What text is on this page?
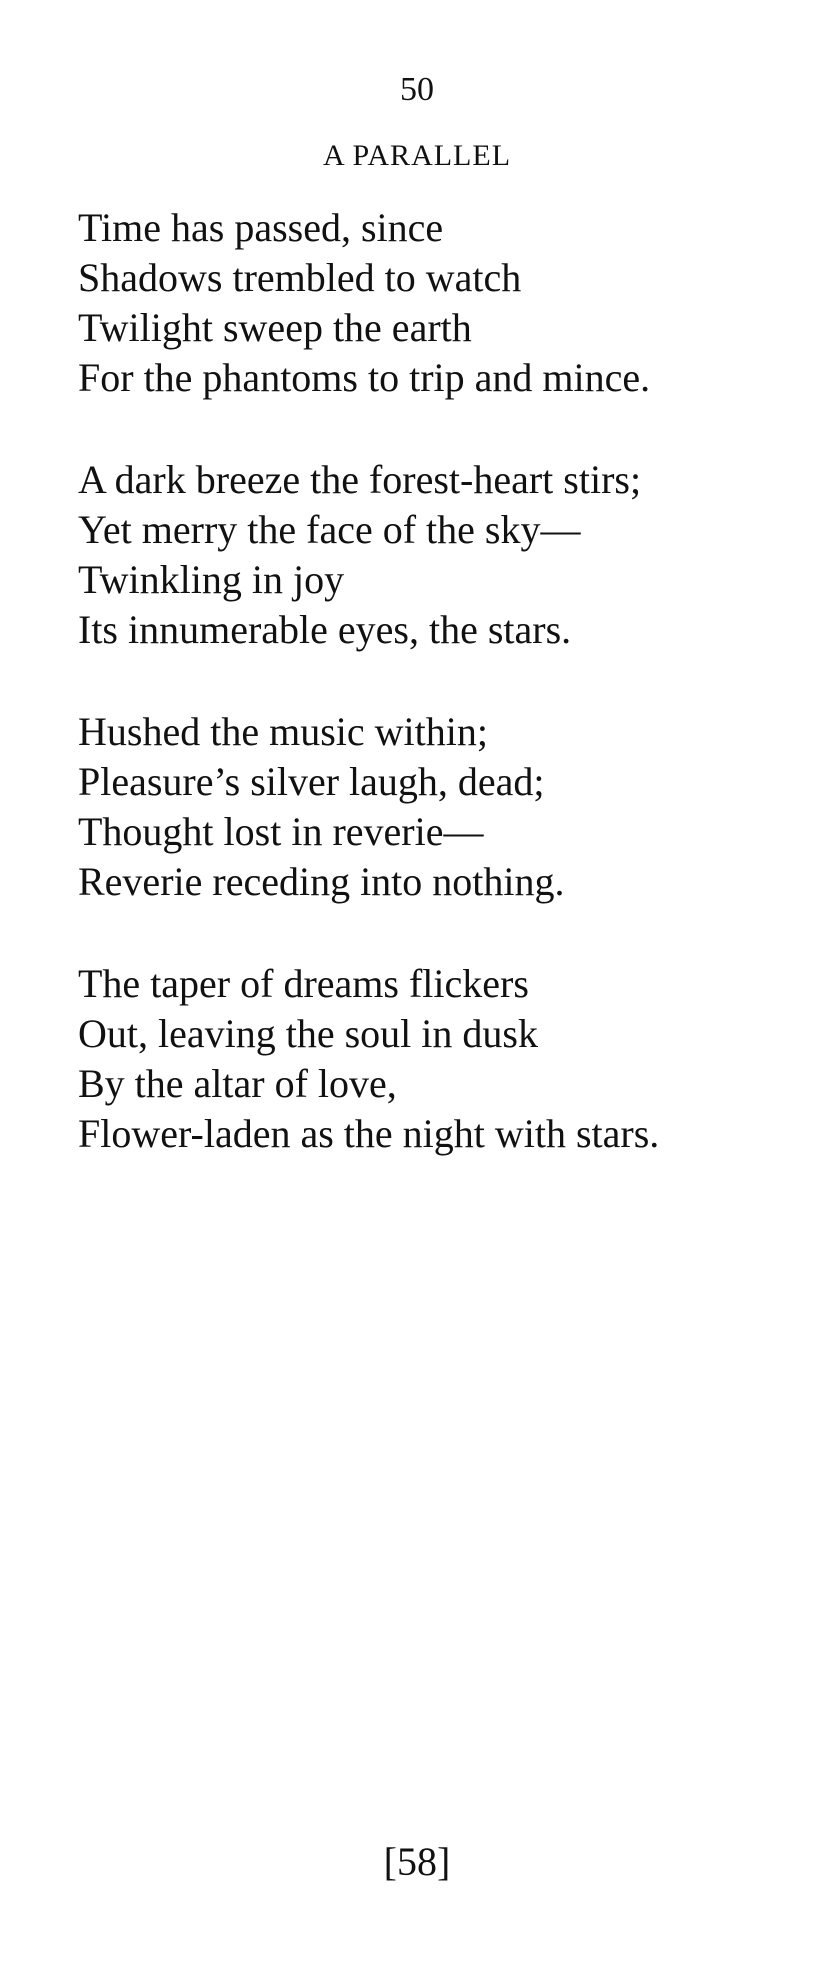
50
A PARALLEL
Time has passed, since
Shadows trembled to watch
Twilight sweep the earth
For the phantoms to trip and mince.
A dark breeze the forest-heart stirs;
Yet merry the face of the sky—
Twinkling in joy
Its innumerable eyes, the stars.
Hushed the music within;
Pleasure’s silver laugh, dead;
Thought lost in reverie—
Reverie receding into nothing.
The taper of dreams flickers
Out, leaving the soul in dusk
By the altar of love,
Flower-laden as the night with stars.
[58]
